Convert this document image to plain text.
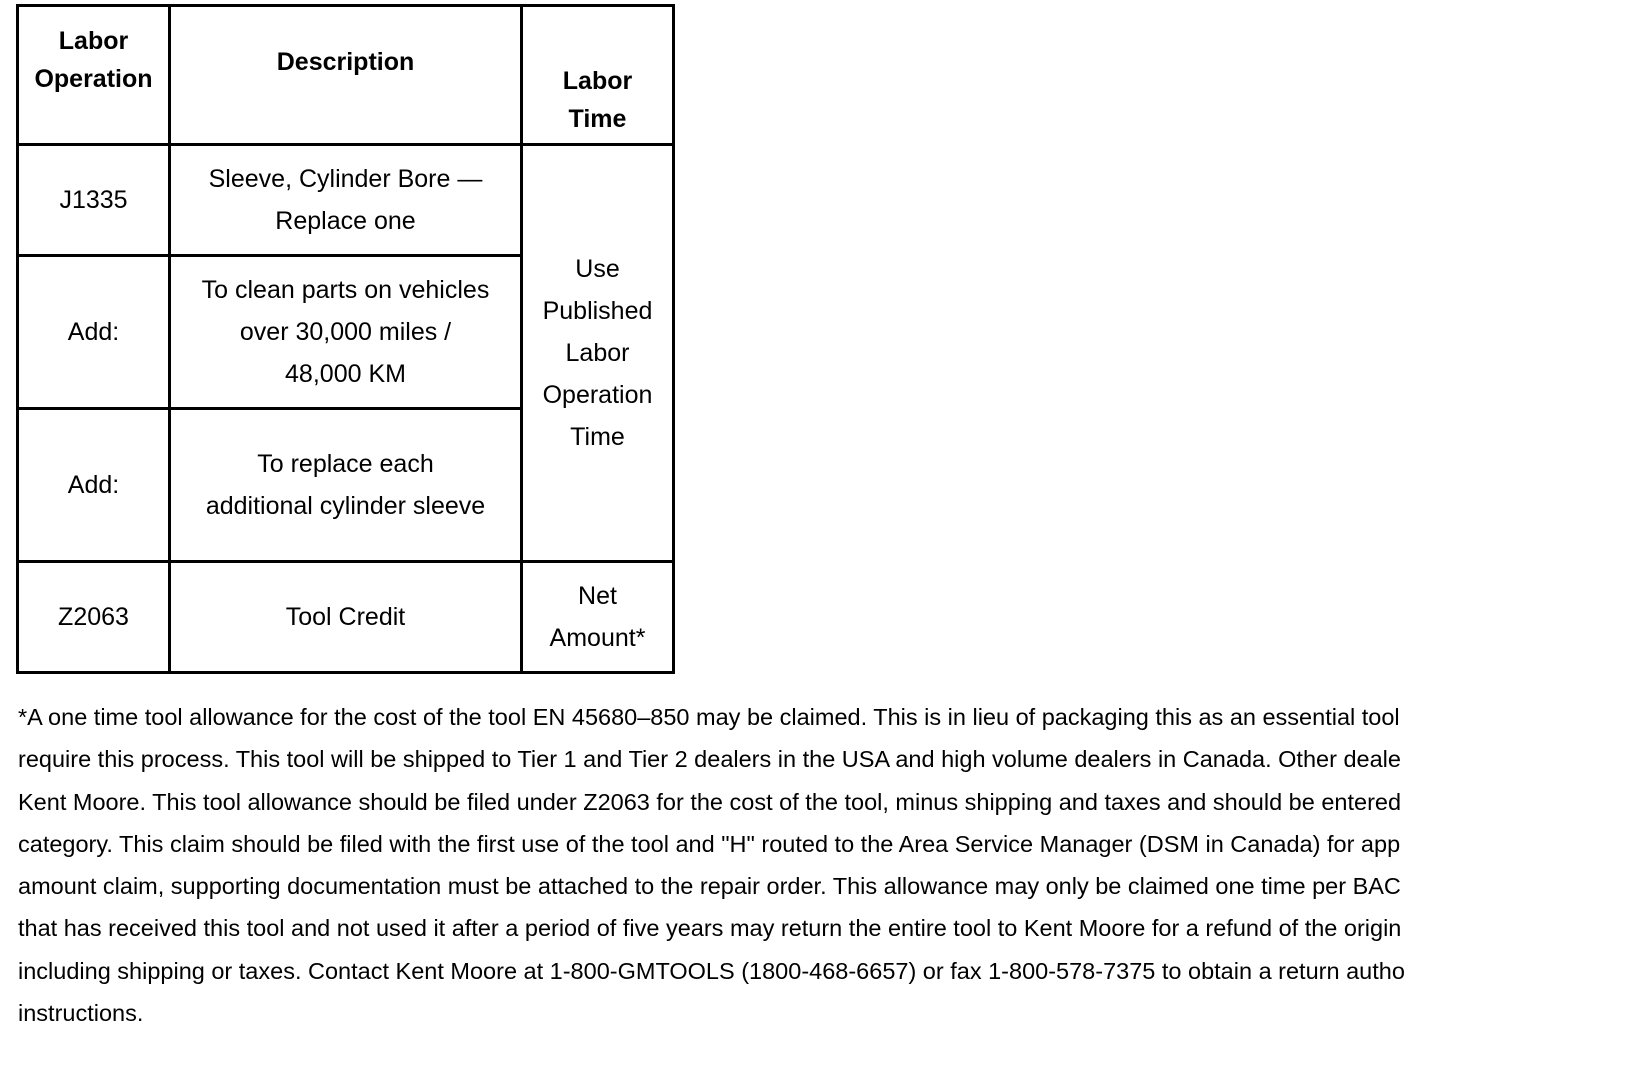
Labor Operation	Description	Labor Time
J1335	Sleeve, Cylinder Bore — Replace one	Use Published Labor Operation Time
Add:	To clean parts on vehicles over 30,000 miles / 48,000 KM	
Add:	To replace each additional cylinder sleeve	
Z2063	Tool Credit	Net Amount*
*A one time tool allowance for the cost of the tool EN 45680–850 may be claimed. This is in lieu of packaging this as an essential tool
require this process. This tool will be shipped to Tier 1 and Tier 2 dealers in the USA and high volume dealers in Canada. Other deale
Kent Moore. This tool allowance should be filed under Z2063 for the cost of the tool, minus shipping and taxes and should be entered
category. This claim should be filed with the first use of the tool and "H" routed to the Area Service Manager (DSM in Canada) for app
amount claim, supporting documentation must be attached to the repair order. This allowance may only be claimed one time per BAC
that has received this tool and not used it after a period of five years may return the entire tool to Kent Moore for a refund of the origin
including shipping or taxes. Contact Kent Moore at 1-800-GMTOOLS (1800-468-6657) or fax 1-800-578-7375 to obtain a return autho
instructions.
